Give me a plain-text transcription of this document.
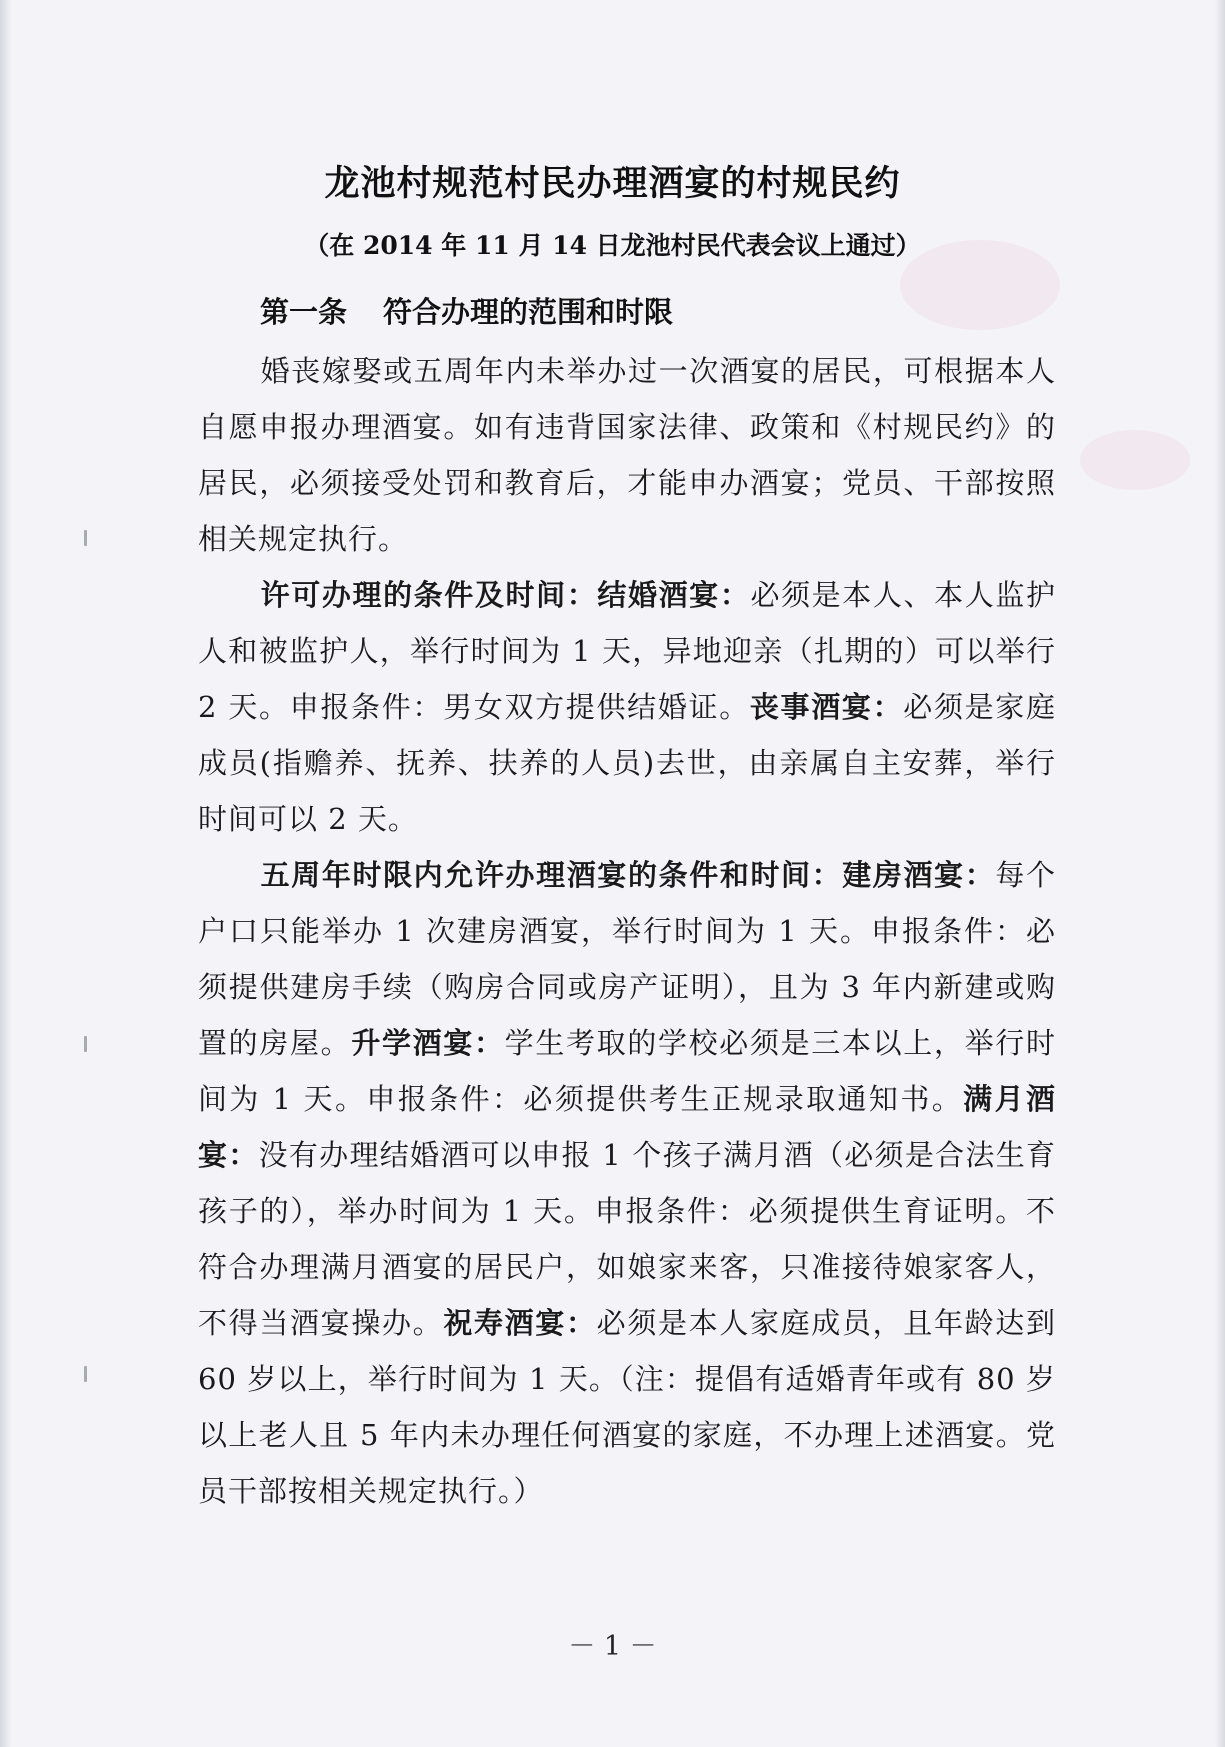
龙池村规范村民办理酒宴的村规民约
（在 2014 年 11 月 14 日龙池村民代表会议上通过）
第一条 符合办理的范围和时限

婚丧嫁娶或五周年内未举办过一次酒宴的居民，可根据本人自愿申报办理酒宴。如有违背国家法律、政策和《村规民约》的居民，必须接受处罚和教育后，才能申办酒宴；党员、干部按照相关规定执行。

许可办理的条件及时间：结婚酒宴：必须是本人、本人监护人和被监护人，举行时间为 1 天，异地迎亲（扎期的）可以举行 2 天。申报条件：男女双方提供结婚证。丧事酒宴：必须是家庭成员(指赡养、抚养、扶养的人员)去世，由亲属自主安葬，举行时间可以 2 天。

五周年时限内允许办理酒宴的条件和时间：建房酒宴：每个户口只能举办 1 次建房酒宴，举行时间为 1 天。申报条件：必须提供建房手续（购房合同或房产证明），且为 3 年内新建或购置的房屋。升学酒宴：学生考取的学校必须是三本以上，举行时间为 1 天。申报条件：必须提供考生正规录取通知书。满月酒宴：没有办理结婚酒可以申报 1 个孩子满月酒（必须是合法生育孩子的），举办时间为 1 天。申报条件：必须提供生育证明。不符合办理满月酒宴的居民户，如娘家来客，只准接待娘家客人，不得当酒宴操办。祝寿酒宴：必须是本人家庭成员，且年龄达到 60 岁以上，举行时间为 1 天。（注：提倡有适婚青年或有 80 岁以上老人且 5 年内未办理任何酒宴的家庭，不办理上述酒宴。党员干部按相关规定执行。）

－ 1 －
